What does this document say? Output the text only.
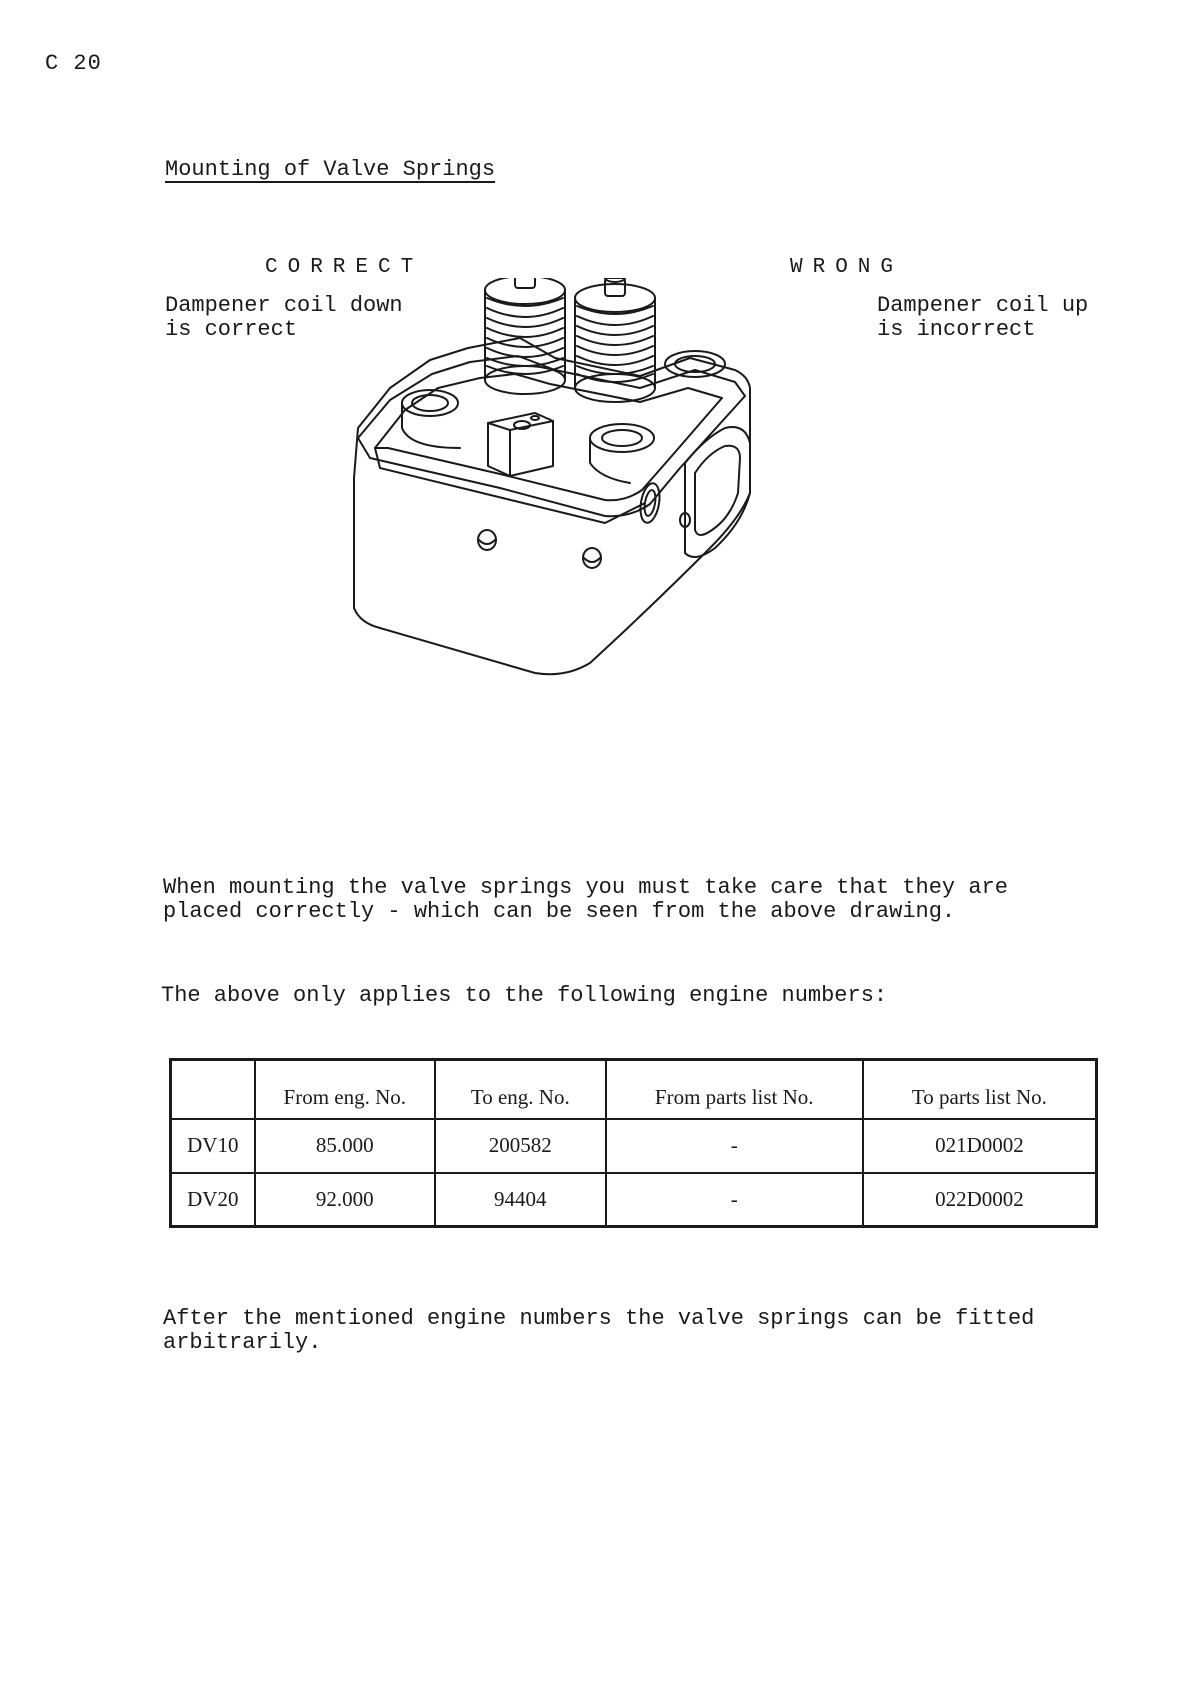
C 20
Mounting of Valve Springs
CORRECT	WRONG
Dampener coil down
is correct
Dampener coil up
is incorrect
When mounting the valve springs you must take care that they are placed correctly - which can be seen from the above drawing.
The above only applies to the following engine numbers:
	From eng. No.	To eng. No.	From parts list No.	To parts list No.
DV10	85.000	200582	-	021D0002
DV20	92.000	94404	-	022D0002
After the mentioned engine numbers the valve springs can be fitted arbitrarily.
